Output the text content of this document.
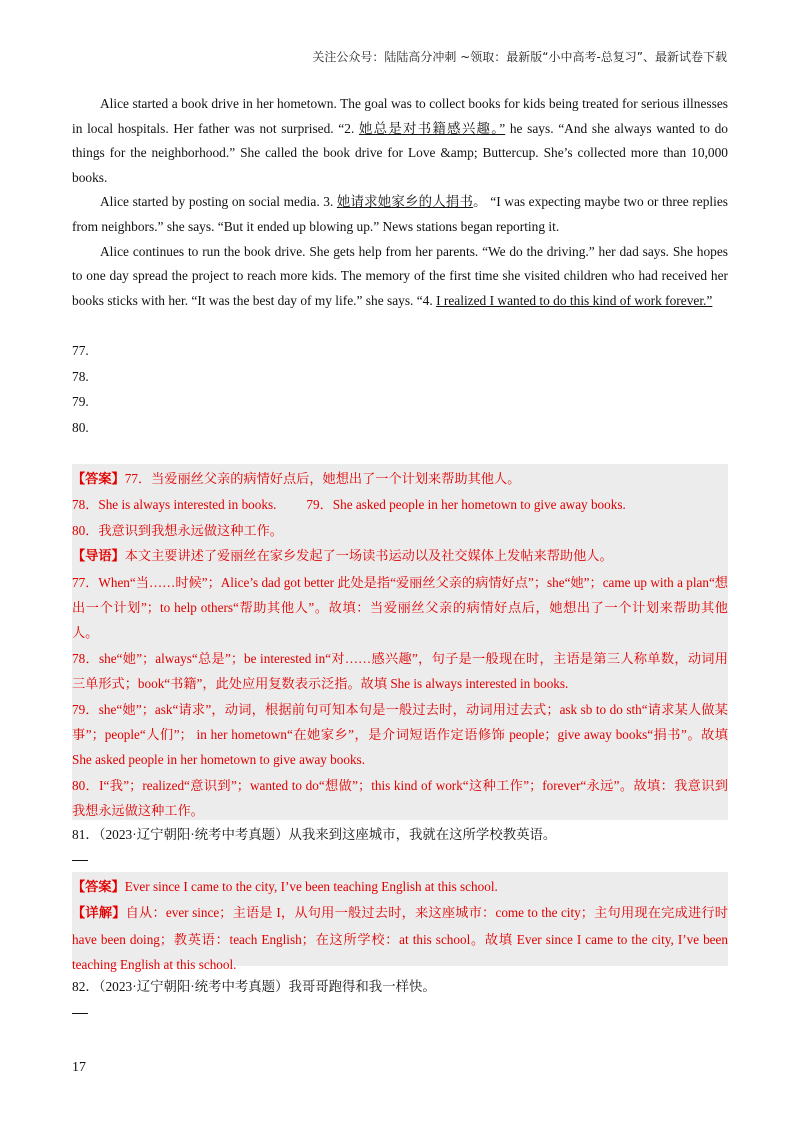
关注公众号：陆陆高分冲刺 ~领取：最新版“小中高考-总复习”、最新试卷下载

Alice started a book drive in her hometown. The goal was to collect books for kids being treated for serious illnesses in local hospitals. Her father was not surprised. “2. 她总是对书籍感兴趣。” he says. “And she always wanted to do things for the neighborhood.” She called the book drive for Love &amp; Buttercup. She’s collected more than 10,000 books.

Alice started by posting on social media. 3. 她请求她家乡的人捐书。 “I was expecting maybe two or three replies from neighbors.” she says. “But it ended up blowing up.” News stations began reporting it.

Alice continues to run the book drive. She gets help from her parents. “We do the driving.” her dad says. She hopes to one day spread the project to reach more kids. The memory of the first time she visited children who had received her books sticks with her. “It was the best day of my life.” she says. “4. I realized I wanted to do this kind of work forever.”

77.
78.
79.
80.

【答案】77．当爱丽丝父亲的病情好点后，她想出了一个计划来帮助其他人。

78．She is always interested in books. 79．She asked people in her hometown to give away books.

80．我意识到我想永远做这种工作。

【导语】本文主要讲述了爱丽丝在家乡发起了一场读书运动以及社交媒体上发帖来帮助他人。

77．When“当……时候”；Alice’s dad got better 此处是指“爱丽丝父亲的病情好点”；she“她”；came up with a plan“想出一个计划”；to help others“帮助其他人”。故填：当爱丽丝父亲的病情好点后，她想出了一个计划来帮助其他人。

78．she“她”；always“总是”；be interested in“对……感兴趣”，句子是一般现在时，主语是第三人称单数，动词用三单形式；book“书籍”，此处应用复数表示泛指。故填 She is always interested in books.

79．she“她”；ask“请求”，动词，根据前句可知本句是一般过去时，动词用过去式；ask sb to do sth“请求某人做某事”；people“人们”； in her hometown“在她家乡”，是介词短语作定语修饰 people；give away books“捐书”。故填 She asked people in her hometown to give away books.

80．I“我”；realized“意识到”；wanted to do“想做”；this kind of work“这种工作”；forever“永远”。故填：我意识到我想永远做这种工作。

81．（2023·辽宁朝阳·统考中考真题）从我来到这座城市，我就在这所学校教英语。

【答案】Ever since I came to the city, I’ve been teaching English at this school.

【详解】自从：ever since；主语是 I，从句用一般过去时，来这座城市：come to the city；主句用现在完成进行时 have been doing；教英语：teach English；在这所学校：at this school。故填 Ever since I came to the city, I’ve been teaching English at this school.

82．（2023·辽宁朝阳·统考中考真题）我哥哥跑得和我一样快。
17
